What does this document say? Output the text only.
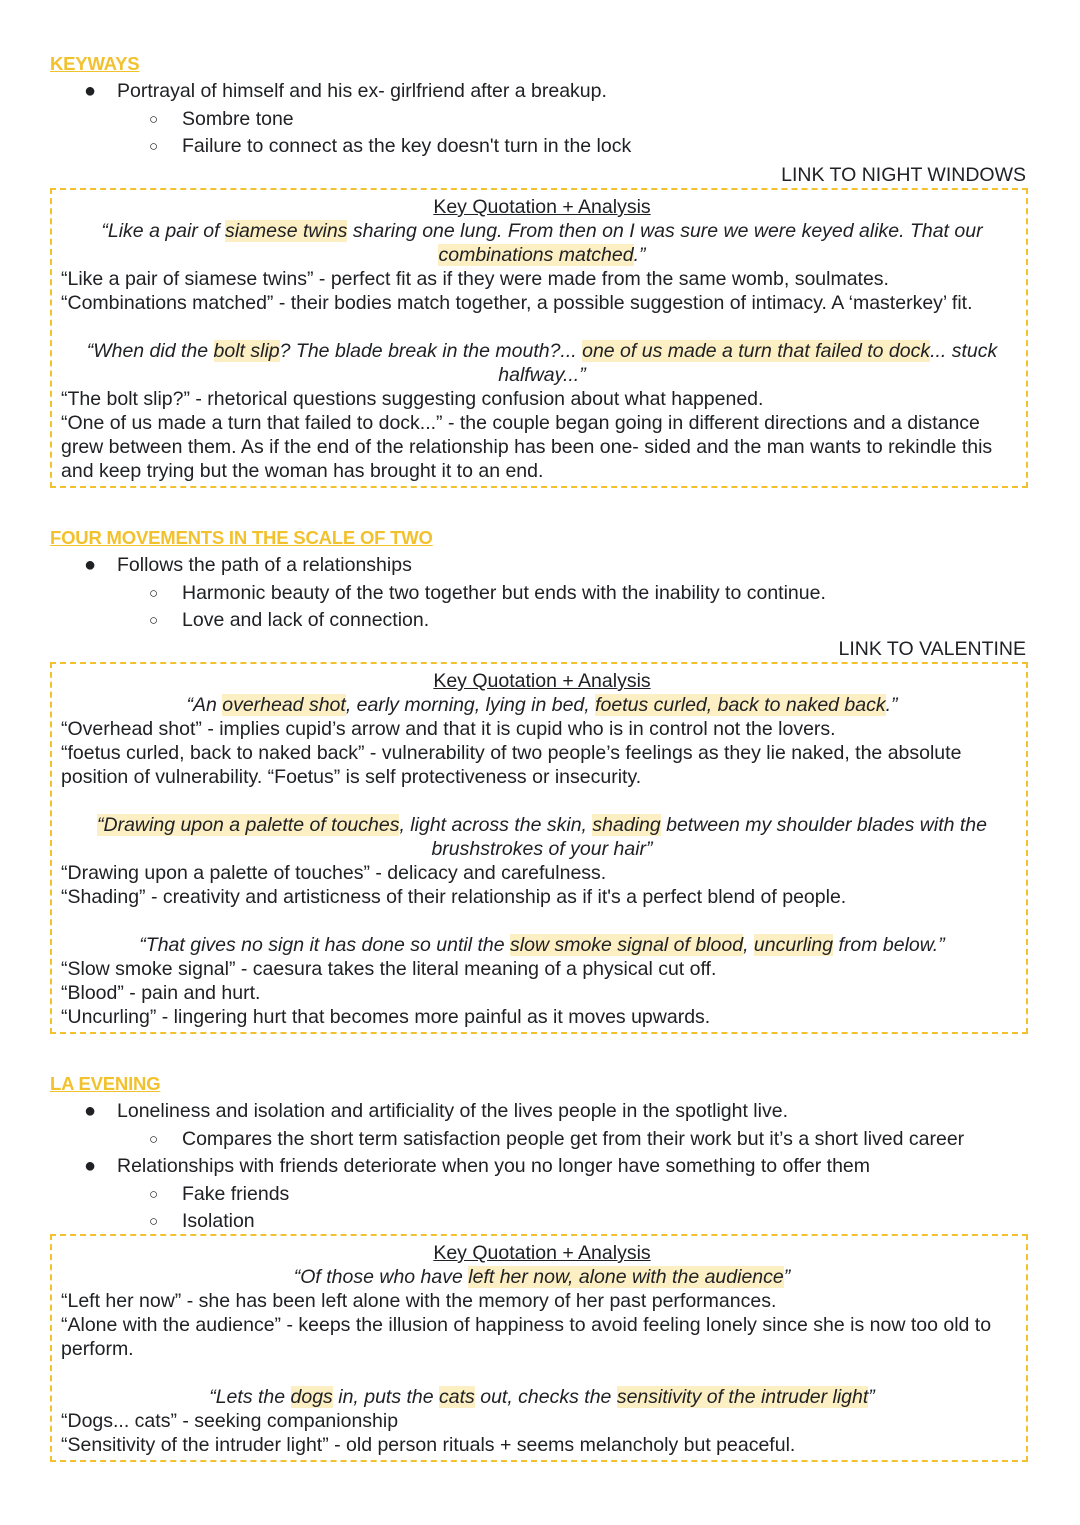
KEYWAYS
● Portrayal of himself and his ex- girlfriend after a breakup.
○ Sombre tone
○ Failure to connect as the key doesn't turn in the lock
LINK TO NIGHT WINDOWS
Key Quotation + Analysis
“Like a pair of siamese twins sharing one lung. From then on I was sure we were keyed alike. That our combinations matched.”

“Like a pair of siamese twins” - perfect fit as if they were made from the same womb, soulmates.

“Combinations matched” - their bodies match together, a possible suggestion of intimacy. A ‘masterkey’ fit.

“When did the bolt slip? The blade break in the mouth?... one of us made a turn that failed to dock... stuck halfway...”

“The bolt slip?” - rhetorical questions suggesting confusion about what happened.

“One of us made a turn that failed to dock...” - the couple began going in different directions and a distance grew between them. As if the end of the relationship has been one- sided and the man wants to rekindle this and keep trying but the woman has brought it to an end.

FOUR MOVEMENTS IN THE SCALE OF TWO
● Follows the path of a relationships
○ Harmonic beauty of the two together but ends with the inability to continue.
○ Love and lack of connection.
LINK TO VALENTINE
Key Quotation + Analysis
“An overhead shot, early morning, lying in bed, foetus curled, back to naked back.”

“Overhead shot” - implies cupid’s arrow and that it is cupid who is in control not the lovers.

“foetus curled, back to naked back” - vulnerability of two people’s feelings as they lie naked, the absolute position of vulnerability. “Foetus” is self protectiveness or insecurity.

“Drawing upon a palette of touches, light across the skin, shading between my shoulder blades with the brushstrokes of your hair”

“Drawing upon a palette of touches” - delicacy and carefulness.

“Shading” - creativity and artisticness of their relationship as if it's a perfect blend of people.

“That gives no sign it has done so until the slow smoke signal of blood, uncurling from below.”

“Slow smoke signal” - caesura takes the literal meaning of a physical cut off.

“Blood” - pain and hurt.

“Uncurling” - lingering hurt that becomes more painful as it moves upwards.

LA EVENING
● Loneliness and isolation and artificiality of the lives people in the spotlight live.
○ Compares the short term satisfaction people get from their work but it’s a short lived career
● Relationships with friends deteriorate when you no longer have something to offer them
○ Fake friends
○ Isolation
Key Quotation + Analysis
“Of those who have left her now, alone with the audience”

“Left her now” - she has been left alone with the memory of her past performances.

“Alone with the audience” - keeps the illusion of happiness to avoid feeling lonely since she is now too old to perform.

“Lets the dogs in, puts the cats out, checks the sensitivity of the intruder light”

“Dogs... cats” - seeking companionship

“Sensitivity of the intruder light” - old person rituals + seems melancholy but peaceful.
